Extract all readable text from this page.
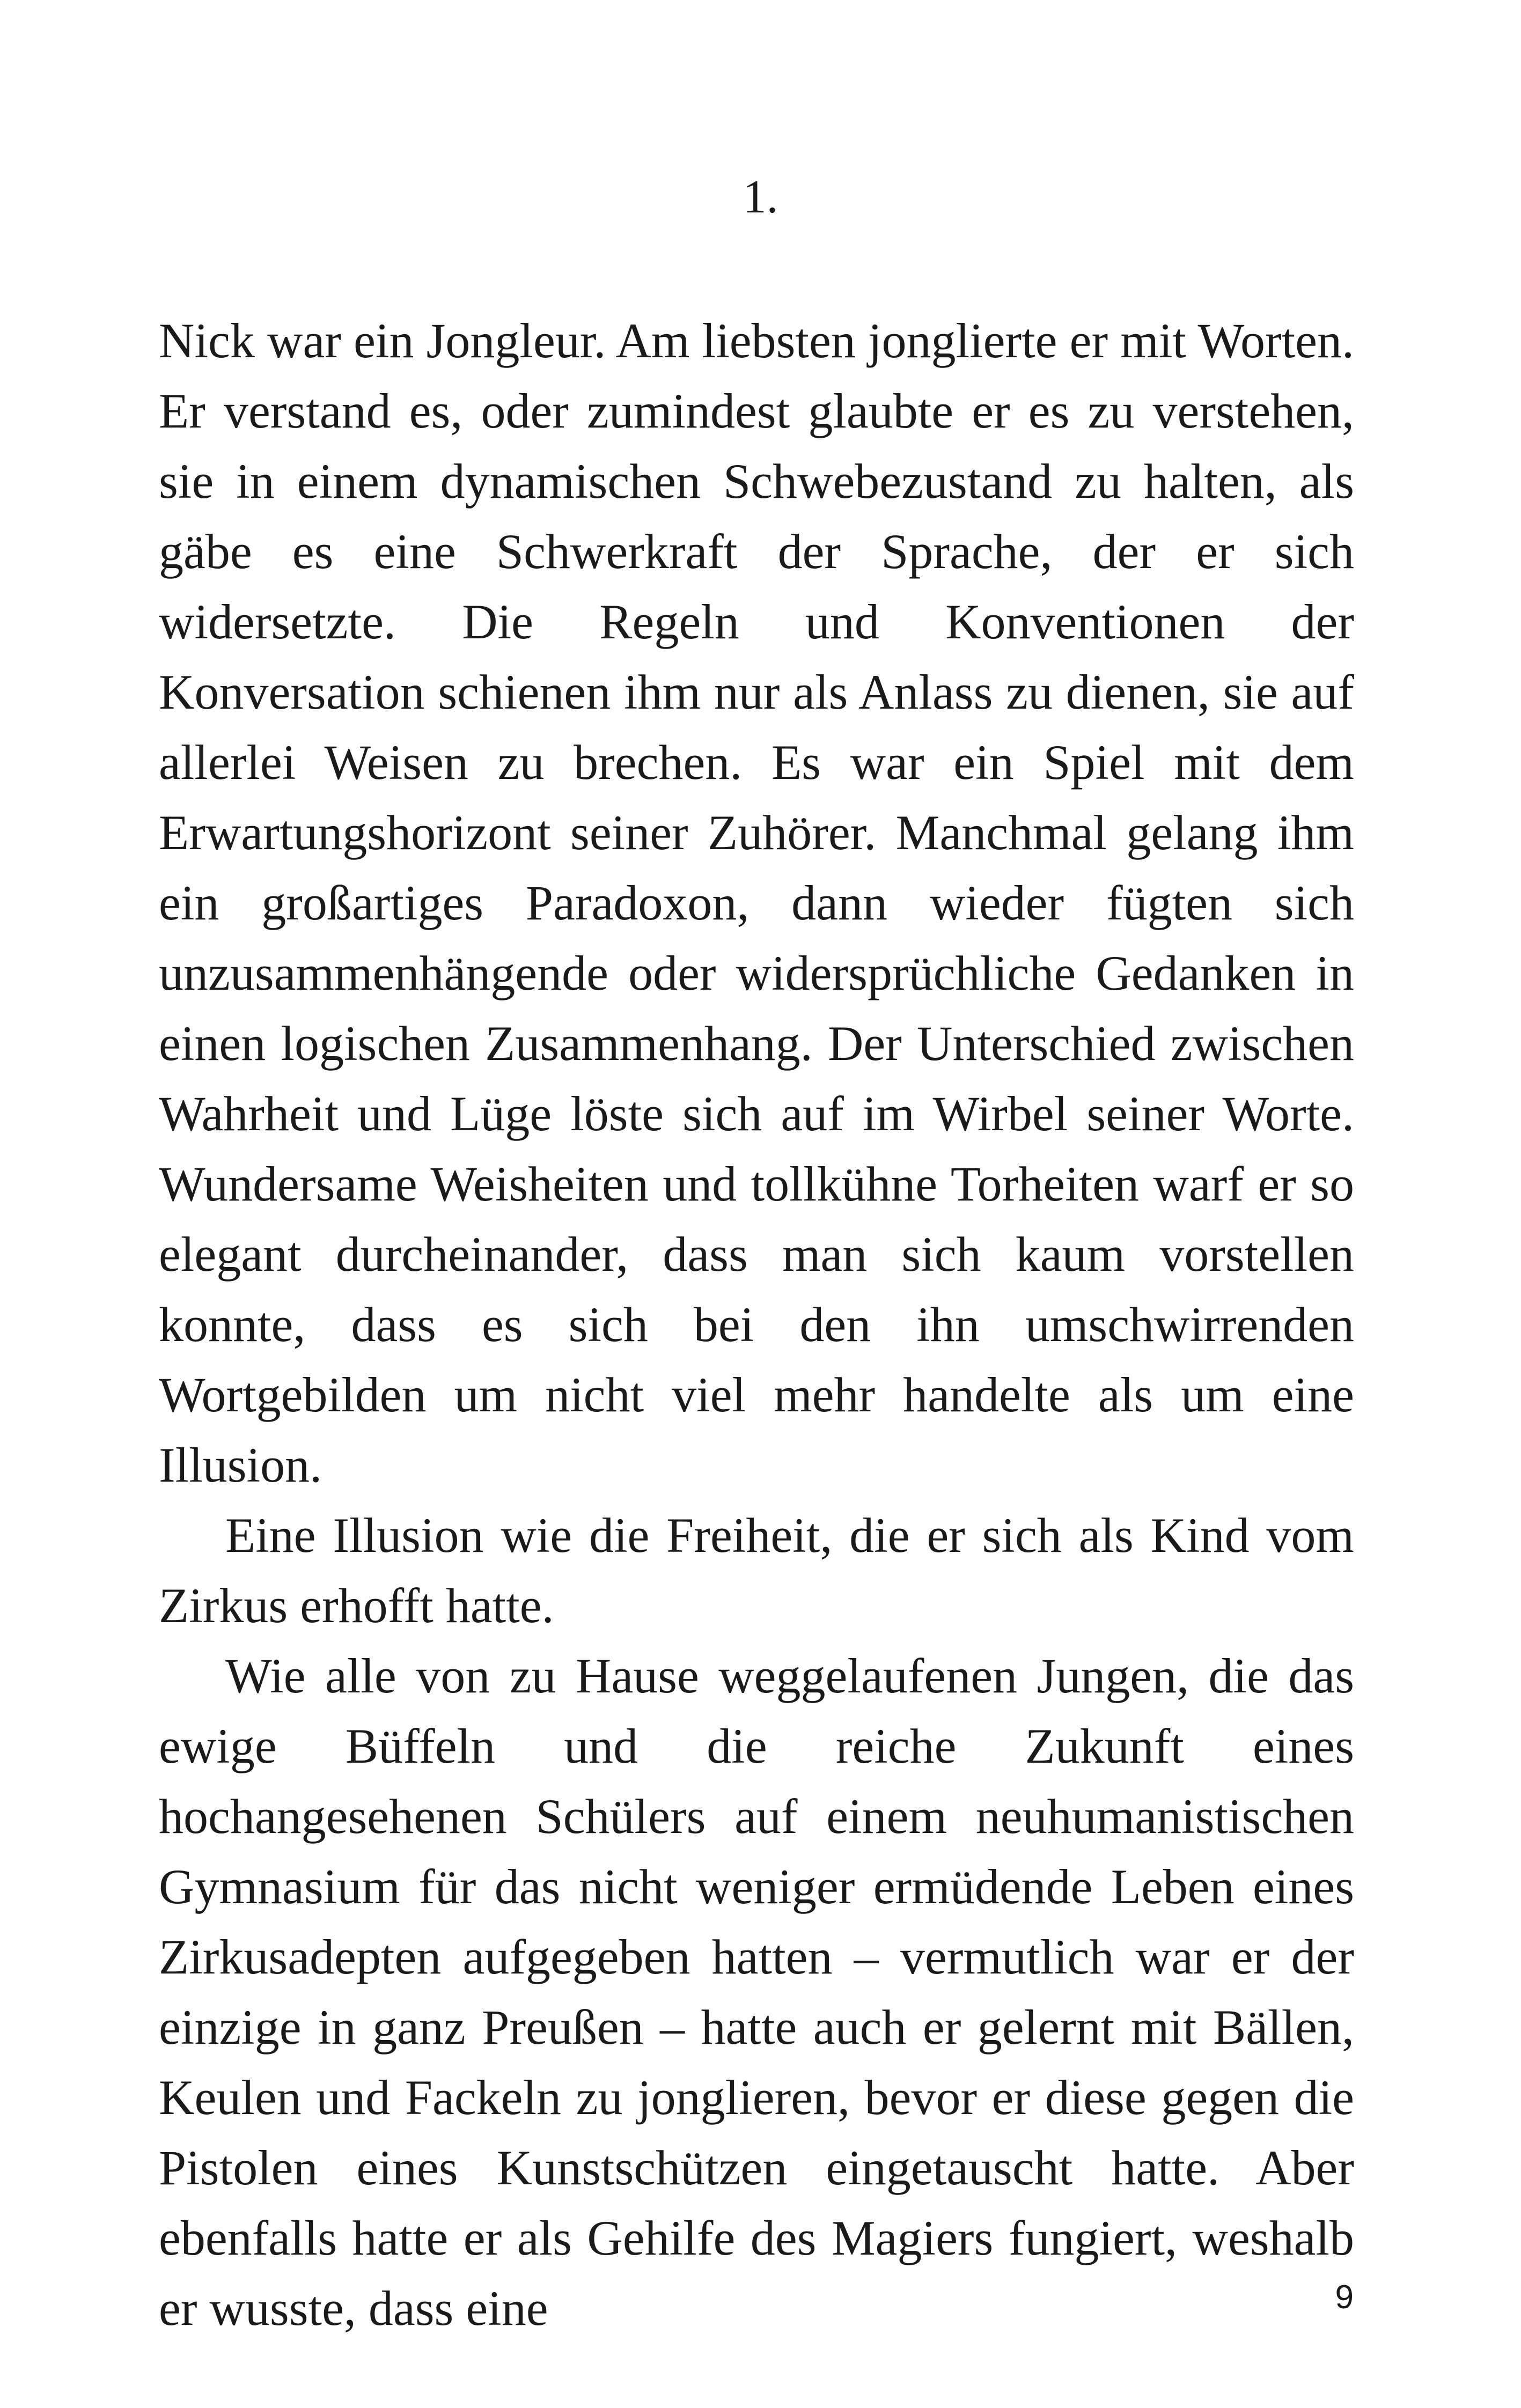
1.

Nick war ein Jongleur. Am liebsten jonglierte er mit Worten. Er verstand es, oder zumindest glaubte er es zu verstehen, sie in einem dynamischen Schwebezustand zu halten, als gäbe es eine Schwerkraft der Sprache, der er sich widersetzte. Die Regeln und Konventionen der Konversation schienen ihm nur als Anlass zu dienen, sie auf allerlei Weisen zu brechen. Es war ein Spiel mit dem Erwartungshorizont seiner Zuhörer. Manchmal gelang ihm ein großartiges Paradoxon, dann wieder fügten sich unzusammenhängende oder widersprüchliche Gedanken in einen logischen Zusammenhang. Der Unterschied zwischen Wahrheit und Lüge löste sich auf im Wirbel seiner Worte. Wundersame Weisheiten und tollkühne Torheiten warf er so elegant durcheinander, dass man sich kaum vorstellen konnte, dass es sich bei den ihn umschwirrenden Wortgebilden um nicht viel mehr handelte als um eine Illusion.

Eine Illusion wie die Freiheit, die er sich als Kind vom Zirkus erhofft hatte.

Wie alle von zu Hause weggelaufenen Jungen, die das ewige Büffeln und die reiche Zukunft eines hochangesehenen Schülers auf einem neuhumanistischen Gymnasium für das nicht weniger ermüdende Leben eines Zirkusadepten aufgegeben hatten – vermutlich war er der einzige in ganz Preußen – hatte auch er gelernt mit Bällen, Keulen und Fackeln zu jonglieren, bevor er diese gegen die Pistolen eines Kunstschützen eingetauscht hatte. Aber ebenfalls hatte er als Gehilfe des Magiers fungiert, weshalb er wusste, dass eine	9
